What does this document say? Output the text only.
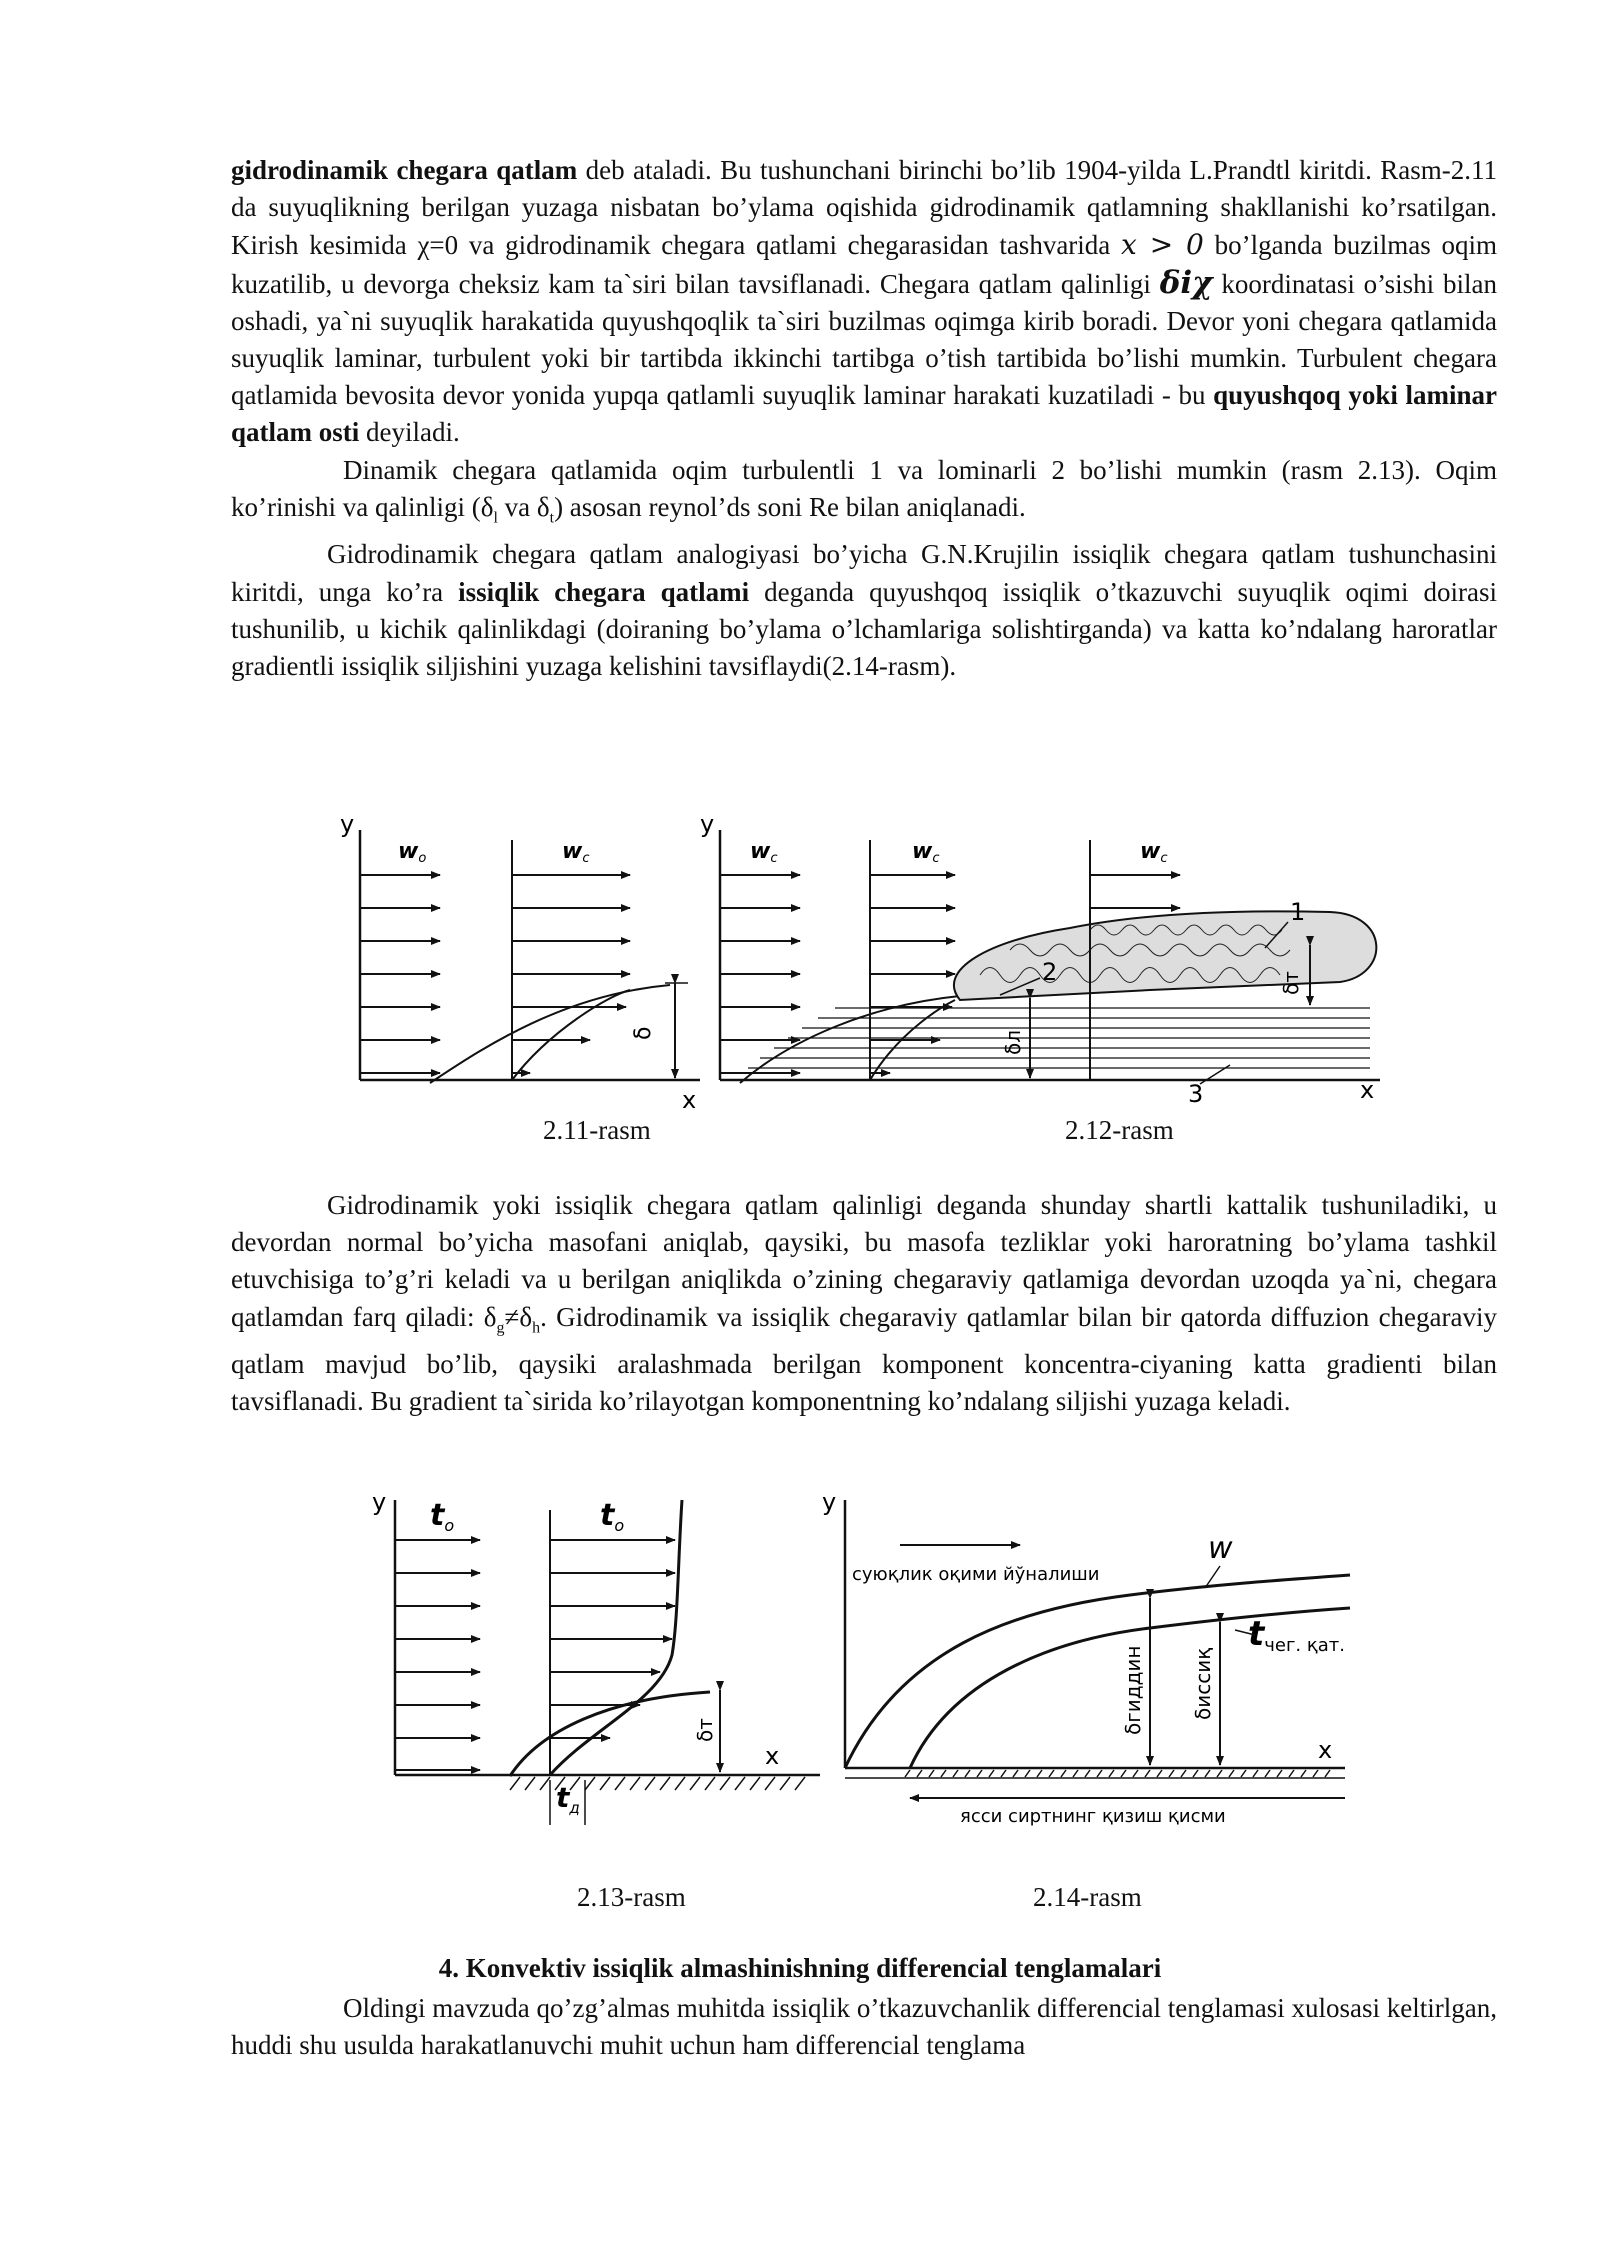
gidrodinamik chegara qatlam deb ataladi. Bu tushunchani birinchi bo’lib 1904-yilda L.Prandtl kiritdi. Rasm-2.11 da suyuqlikning berilgan yuzaga nisbatan bo’ylama oqishida gidrodinamik qatlamning shakllanishi ko’rsatilgan. Kirish kesimida χ=0 va gidrodinamik chegara qatlami chegarasidan tashvarida x > 0 bo’lganda buzilmas oqim kuzatilib, u devorga cheksiz kam ta`siri bilan tavsiflanadi. Chegara qatlam qalinligi δiχ koordinatasi o’sishi bilan oshadi, ya`ni suyuqlik harakatida quyushqoqlik ta`siri buzilmas oqimga kirib boradi. Devor yoni chegara qatlamida suyuqlik laminar, turbulent yoki bir tartibda ikkinchi tartibga o’tish tartibida bo’lishi mumkin. Turbulent chegara qatlamida bevosita devor yonida yupqa qatlamli suyuqlik laminar harakati kuzatiladi - bu quyushqoq yoki laminar qatlam osti deyiladi.

Dinamik chegara qatlamida oqim turbulentli 1 va lominarli 2 bo’lishi mumkin (rasm 2.13). Oqim ko’rinishi va qalinligi ($\delta_l$ va $\delta_t$) asosan reynol’ds soni Re bilan aniqlanadi.

Gidrodinamik chegara qatlam analogiyasi bo’yicha G.N.Krujilin issiqlik chegara qatlam tushunchasini kiritdi, unga ko’ra issiqlik chegara qatlami deganda quyushqoq issiqlik o’tkazuvchi suyuqlik oqimi doirasi tushunilib, u kichik qalinlikdagi (doiraning bo’ylama o’lchamlariga solishtirganda) va katta ko’ndalang haroratlar gradientli issiqlik siljishini yuzaga kelishini tavsiflaydi(2.14-rasm).

y
x
wo	wc
δ
2.11-rasm
y
x
wc	wc	wc
1
2
3
δл
δт
2.12-rasm

Gidrodinamik yoki issiqlik chegara qatlam qalinligi deganda shunday shartli kattalik tushuniladiki, u devordan normal bo’yicha masofani aniqlab, qaysiki, bu masofa tezliklar yoki haroratning bo’ylama tashkil etuvchisiga to’g’ri keladi va u berilgan aniqlikda o’zining chegaraviy qatlamiga devordan uzoqda ya`ni, chegara qatlamdan farq qiladi: $\delta_g\ne\delta_h$. Gidrodinamik va issiqlik chegaraviy qatlamlar bilan bir qatorda diffuzion chegaraviy qatlam mavjud bo’lib, qaysiki aralashmada berilgan komponent koncentra-ciyaning katta gradienti bilan tavsiflanadi. Bu gradient ta`sirida ko’rilayotgan komponentning ko’ndalang siljishi yuzaga keladi.

y
x
$t_o$	$t_o$
δт
$t_д$
2.13-rasm
y
x
суюқлик оқими йўналиши
w
δгиддин δиссиқ
tчег. қат.
ясси сиртнинг қизиш қисми
2.14-rasm
4. Konvektiv issiqlik almashinishning differencial tenglamalari

Oldingi mavzuda qo’zg’almas muhitda issiqlik o’tkazuvchanlik differencial tenglamasi xulosasi keltirlgan, huddi shu usulda harakatlanuvchi muhit uchun ham differencial tenglama
